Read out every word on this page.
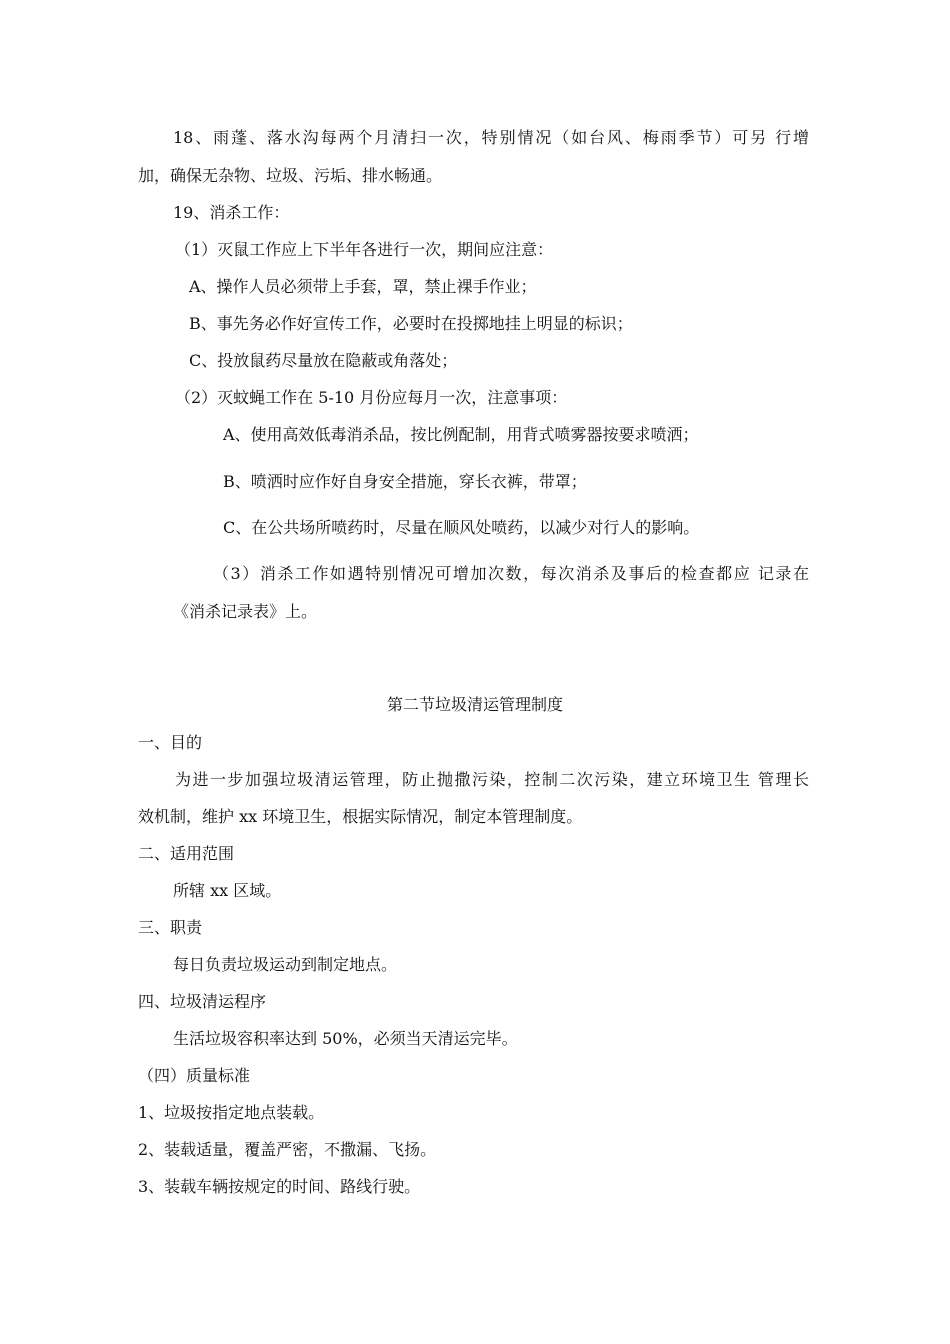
18、雨蓬、落水沟每两个月清扫一次，特别情况（如台风、梅雨季节）可另 行增
加，确保无杂物、垃圾、污垢、排水畅通。
19、消杀工作：
（1）灭鼠工作应上下半年各进行一次，期间应注意：
A、操作人员必须带上手套，罩，禁止裸手作业；
B、事先务必作好宣传工作，必要时在投掷地挂上明显的标识；
C、投放鼠药尽量放在隐蔽或角落处；
（2）灭蚊蝇工作在 5-10 月份应每月一次，注意事项：
A、使用高效低毒消杀品，按比例配制，用背式喷雾器按要求喷洒；
B、喷洒时应作好自身安全措施，穿长衣裤，带罩；
C、在公共场所喷药时，尽量在顺风处喷药，以减少对行人的影响。
（3）消杀工作如遇特别情况可增加次数，每次消杀及事后的检查都应 记录在
《消杀记录表》上。
第二节垃圾清运管理制度
一、目的
为进一步加强垃圾清运管理，防止抛撒污染，控制二次污染，建立环境卫生 管理长
效机制，维护 xx 环境卫生，根据实际情况，制定本管理制度。
二、适用范围
所辖 xx 区域。
三、职责
每日负责垃圾运动到制定地点。
四、垃圾清运程序
生活垃圾容积率达到 50%，必须当天清运完毕。
（四）质量标准
1、垃圾按指定地点装载。
2、装载适量，覆盖严密，不撒漏、飞扬。
3、装载车辆按规定的时间、路线行驶。
